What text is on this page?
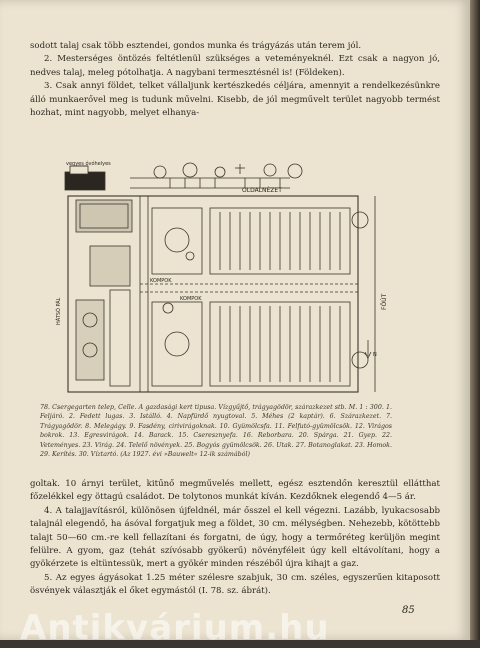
sodott talaj csak több esztendei, gondos munka és trágyázás után terem jól.

2. Mesterséges öntözés feltétlenül szükséges a veteményeknél. Ezt csak a nagyon jó, nedves talaj, meleg pótolhatja. A nagybani termesztésnél is! (Földeken).

3. Csak annyi földet, telket vállaljunk kertészkedés céljára, amennyit a rendelkezésünkre álló munkaerővel meg is tudunk művelni. Kisebb, de jól megművelt terület nagyobb termést hozhat, mint nagyobb, melyet elhanya-

OLDALNÉZET
vegyes óvóhelyes
KOMPOK
KOMPOK
N
FÖÚT
HÁTSÓ PÁL
78. Csergegarten telep, Celle. A gazdasági kert tipusa. Vízgyűjtő, trágyagödör, szárazkezet stb. M. 1 : 300. 1. Feljáró. 2. Fedett lugas. 3. Istálló. 4. Napfürdő nyugtoval. 5. Méhes (2 kaptár). 6. Szárazkezet. 7. Trágyagödör. 8. Melegágy. 9. Fasdény, cirivirágoknak. 10. Gyümölcsfa. 11. Felfutó-gyümölcsök. 12. Virágos bokrok. 13. Egresvirágok. 14. Barack. 15. Cseresznyefa. 16. Reborbara. 20. Spárga. 21. Gyep. 22. Veteményes. 23. Virág. 24. Telelő növények. 25. Bogyós gyümölcsök. 26. Utak. 27. Botanoglakat. 23. Homok. 29. Kerítés. 30. Víztartó. (Az 1927. évi »Bauwelt« 12-ik számából)

goltak. 10 árnyi terület, kitűnő megművelés mellett, egész esztendőn keresztül ellátthat főzelékkel egy öttagú családot. De tolytonos munkát kíván. Kezdőknek elegendő 4—5 ár.

4. A talajjavításról, különösen újfeldnél, már ősszel el kell végezni. Lazább, lyukacsosabb talajnál elegendő, ha ásóval forgatjuk meg a földet, 30 cm. mélységben. Nehezebb, kötöttebb talajt 50—60 cm.-re kell fellazítani és forgatni, de úgy, hogy a termőréteg kerüljön megint felülre. A gyom, gaz (tehát szívósabb gyökerű) növényféleit úgy kell eltávolítani, hogy a gyökérzete is eltüntessük, mert a gyökér minden részéből újra kihajt a gaz.

5. Az egyes ágyásokat 1.25 méter szélesre szabjuk, 30 cm. széles, egyszerűen kitaposott ösvények választják el őket egymástól (I. 78. sz. ábrát).

85
Antikvárium.hu
